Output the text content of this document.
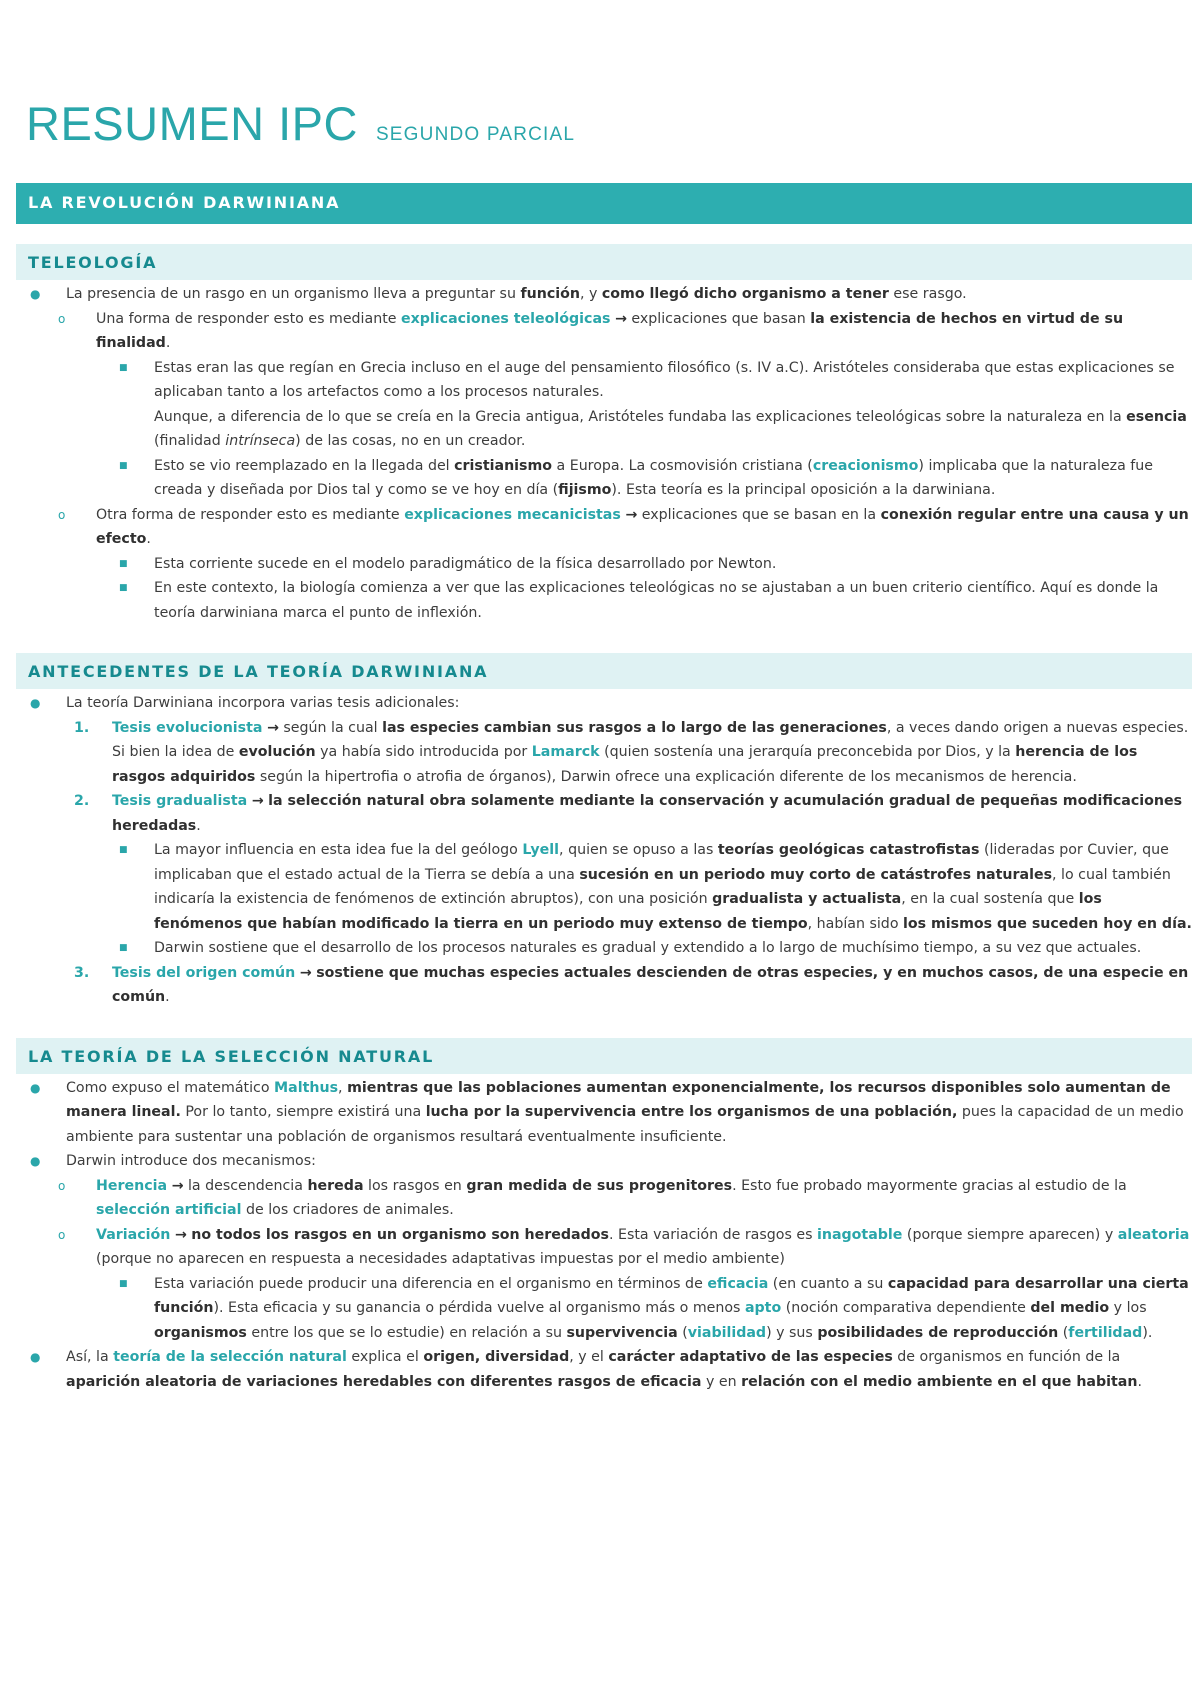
RESUMEN IPC SEGUNDO PARCIAL
LA REVOLUCIÓN DARWINIANA
TELEOLOGÍA
● La presencia de un rasgo en un organismo lleva a preguntar su función, y como llegó dicho organismo a tener ese rasgo.
o Una forma de responder esto es mediante explicaciones teleológicas → explicaciones que basan la existencia de hechos en virtud de su finalidad.
■ Estas eran las que regían en Grecia incluso en el auge del pensamiento filosófico (s. IV a.C). Aristóteles consideraba que estas explicaciones se aplicaban tanto a los artefactos como a los procesos naturales.
Aunque, a diferencia de lo que se creía en la Grecia antigua, Aristóteles fundaba las explicaciones teleológicas sobre la naturaleza en la esencia (finalidad intrínseca) de las cosas, no en un creador.
■ Esto se vio reemplazado en la llegada del cristianismo a Europa. La cosmovisión cristiana (creacionismo) implicaba que la naturaleza fue creada y diseñada por Dios tal y como se ve hoy en día (fijismo). Esta teoría es la principal oposición a la darwiniana.
o Otra forma de responder esto es mediante explicaciones mecanicistas → explicaciones que se basan en la conexión regular entre una causa y un efecto.
■ Esta corriente sucede en el modelo paradigmático de la física desarrollado por Newton.
■ En este contexto, la biología comienza a ver que las explicaciones teleológicas no se ajustaban a un buen criterio científico. Aquí es donde la teoría darwiniana marca el punto de inflexión.
ANTECEDENTES DE LA TEORÍA DARWINIANA
● La teoría Darwiniana incorpora varias tesis adicionales:
1. Tesis evolucionista → según la cual las especies cambian sus rasgos a lo largo de las generaciones, a veces dando origen a nuevas especies. Si bien la idea de evolución ya había sido introducida por Lamarck (quien sostenía una jerarquía preconcebida por Dios, y la herencia de los rasgos adquiridos según la hipertrofia o atrofia de órganos), Darwin ofrece una explicación diferente de los mecanismos de herencia.
2. Tesis gradualista → la selección natural obra solamente mediante la conservación y acumulación gradual de pequeñas modificaciones heredadas.
■ La mayor influencia en esta idea fue la del geólogo Lyell, quien se opuso a las teorías geológicas catastrofistas (lideradas por Cuvier, que implicaban que el estado actual de la Tierra se debía a una sucesión en un periodo muy corto de catástrofes naturales, lo cual también indicaría la existencia de fenómenos de extinción abruptos), con una posición gradualista y actualista, en la cual sostenía que los fenómenos que habían modificado la tierra en un periodo muy extenso de tiempo, habían sido los mismos que suceden hoy en día.
■ Darwin sostiene que el desarrollo de los procesos naturales es gradual y extendido a lo largo de muchísimo tiempo, a su vez que actuales.
3. Tesis del origen común → sostiene que muchas especies actuales descienden de otras especies, y en muchos casos, de una especie en común.
LA TEORÍA DE LA SELECCIÓN NATURAL
● Como expuso el matemático Malthus, mientras que las poblaciones aumentan exponencialmente, los recursos disponibles solo aumentan de manera lineal. Por lo tanto, siempre existirá una lucha por la supervivencia entre los organismos de una población, pues la capacidad de un medio ambiente para sustentar una población de organismos resultará eventualmente insuficiente.
● Darwin introduce dos mecanismos:
o Herencia → la descendencia hereda los rasgos en gran medida de sus progenitores. Esto fue probado mayormente gracias al estudio de la selección artificial de los criadores de animales.
o Variación → no todos los rasgos en un organismo son heredados. Esta variación de rasgos es inagotable (porque siempre aparecen) y aleatoria (porque no aparecen en respuesta a necesidades adaptativas impuestas por el medio ambiente)
■ Esta variación puede producir una diferencia en el organismo en términos de eficacia (en cuanto a su capacidad para desarrollar una cierta función). Esta eficacia y su ganancia o pérdida vuelve al organismo más o menos apto (noción comparativa dependiente del medio y los organismos entre los que se lo estudie) en relación a su supervivencia (viabilidad) y sus posibilidades de reproducción (fertilidad).
● Así, la teoría de la selección natural explica el origen, diversidad, y el carácter adaptativo de las especies de organismos en función de la aparición aleatoria de variaciones heredables con diferentes rasgos de eficacia y en relación con el medio ambiente en el que habitan.
